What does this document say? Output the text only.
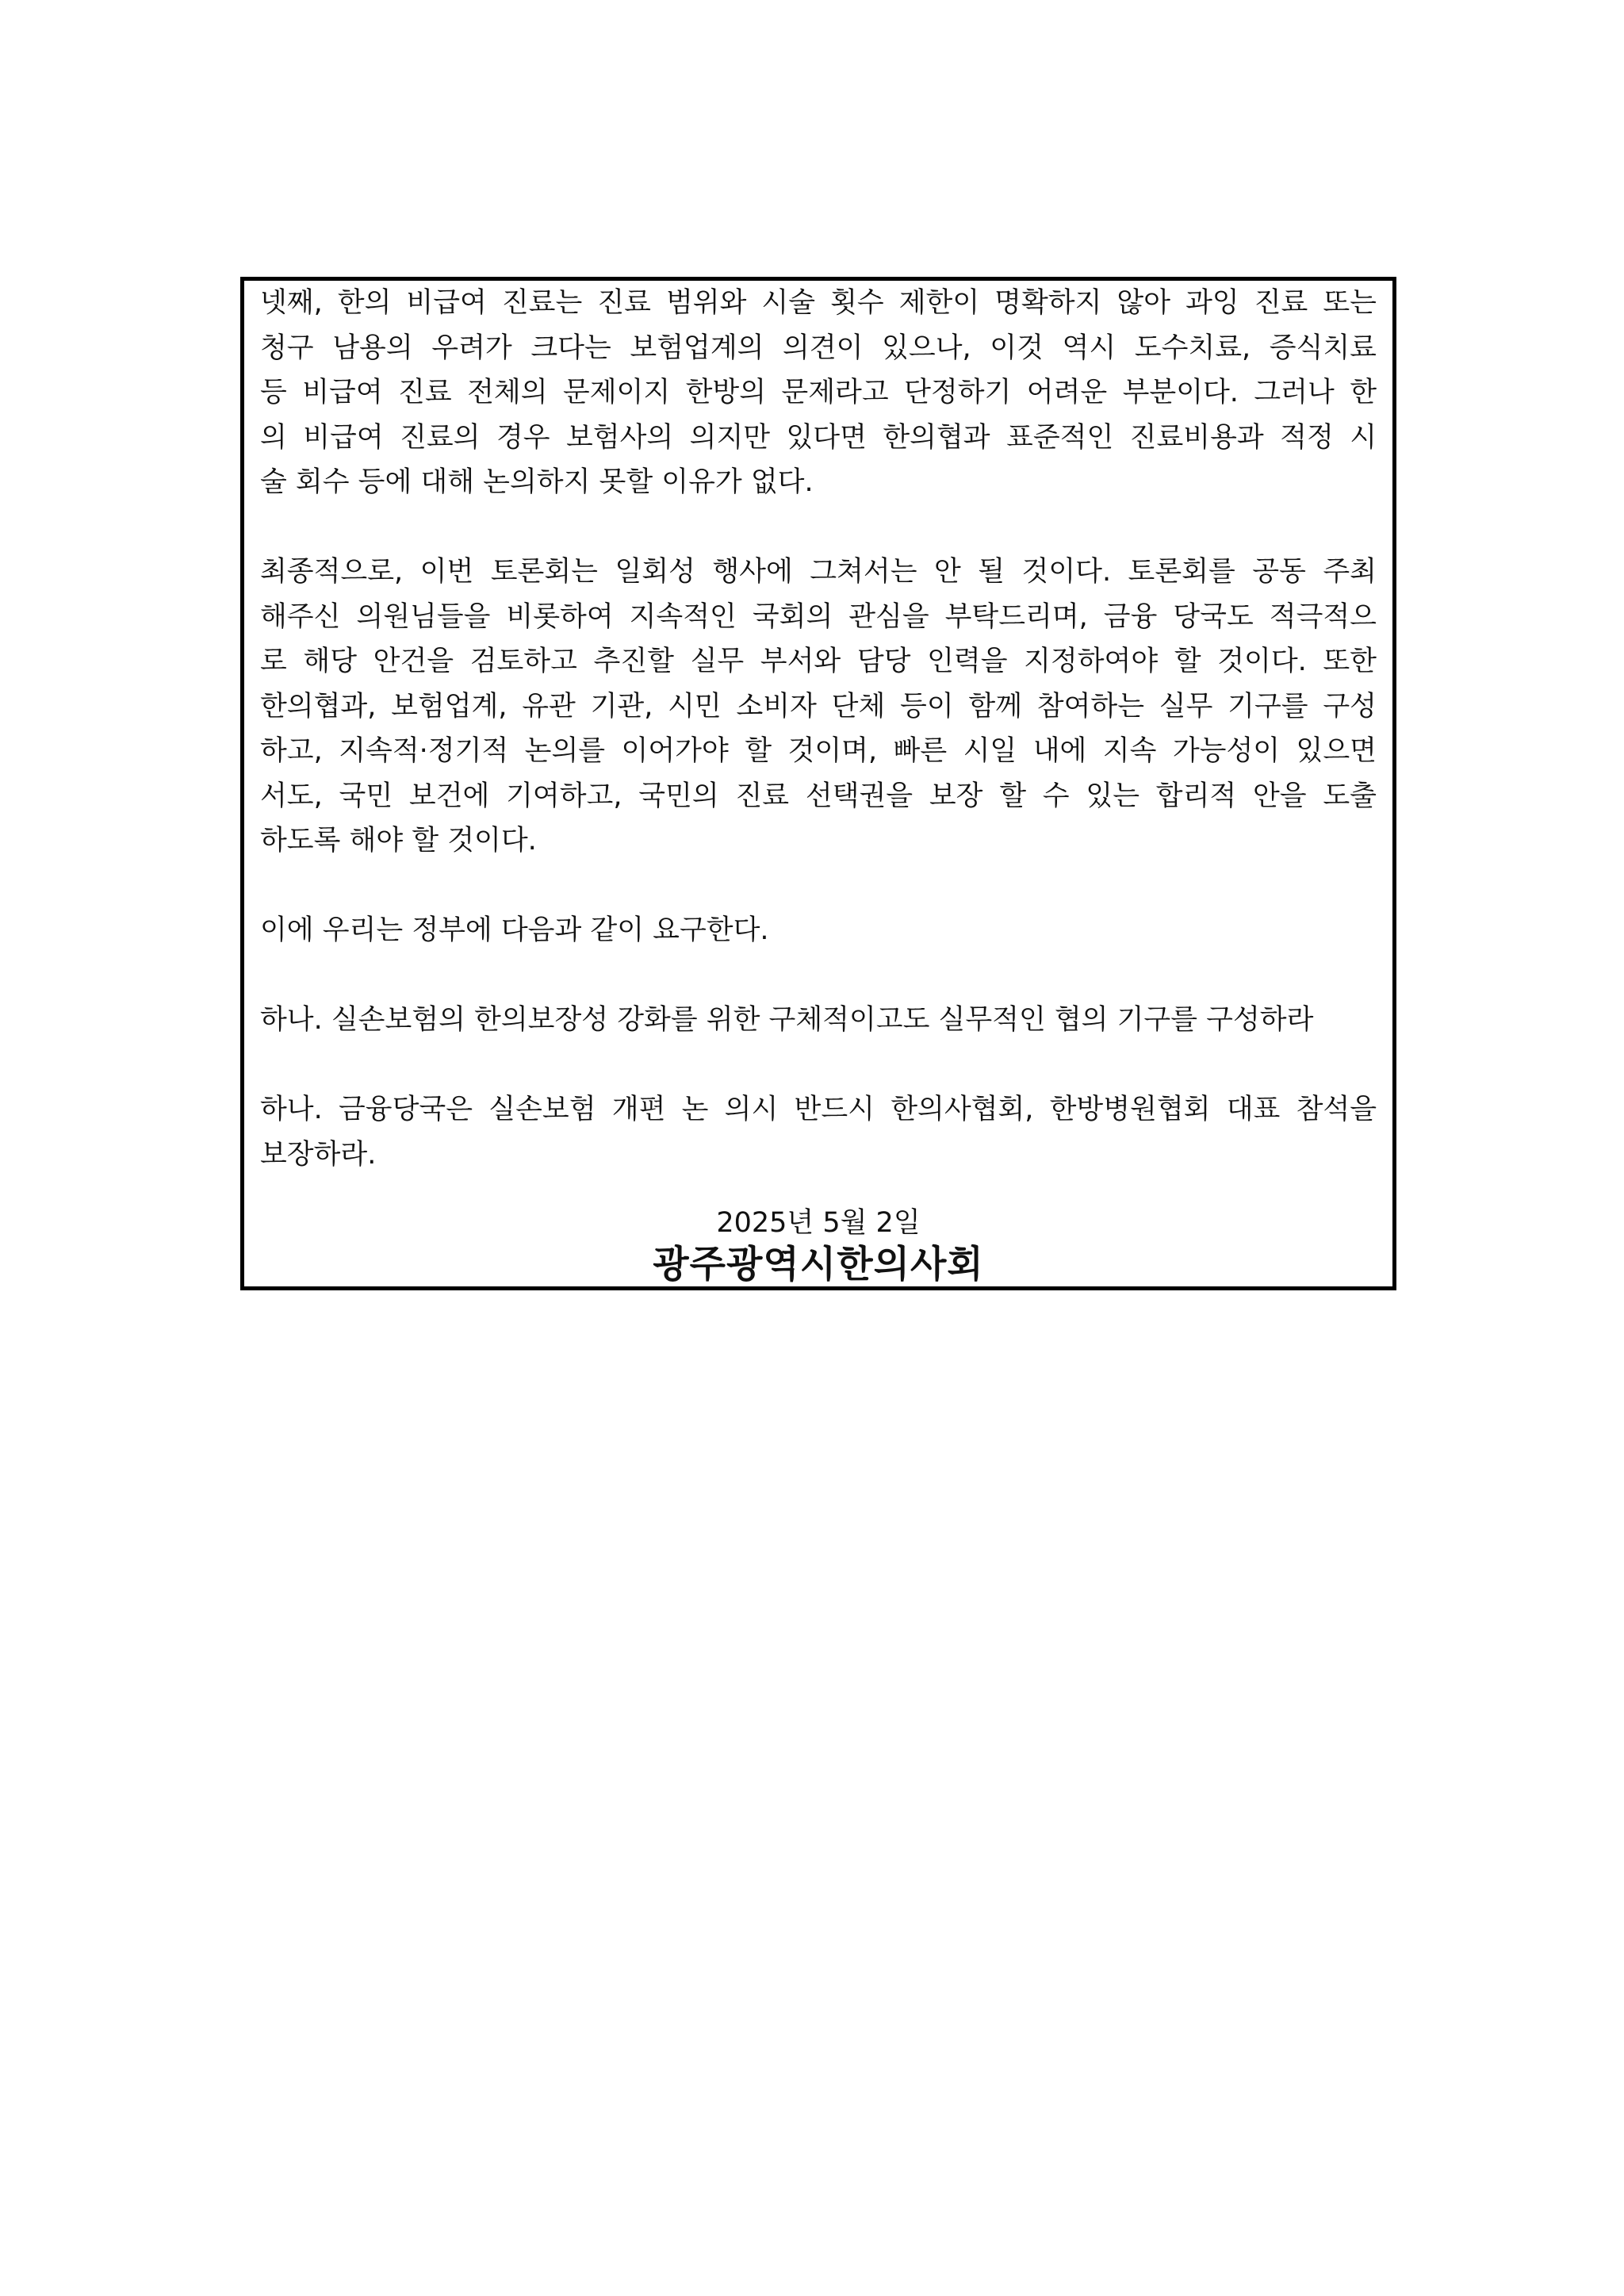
넷째, 한의 비급여 진료는 진료 범위와 시술 횟수 제한이 명확하지 않아 과잉 진료 또는
청구 남용의 우려가 크다는 보험업계의 의견이 있으나, 이것 역시 도수치료, 증식치료
등 비급여 진료 전체의 문제이지 한방의 문제라고 단정하기 어려운 부분이다. 그러나 한
의 비급여 진료의 경우 보험사의 의지만 있다면 한의협과 표준적인 진료비용과 적정 시
술 회수 등에 대해 논의하지 못할 이유가 없다.
최종적으로, 이번 토론회는 일회성 행사에 그쳐서는 안 될 것이다. 토론회를 공동 주최
해주신 의원님들을 비롯하여 지속적인 국회의 관심을 부탁드리며, 금융 당국도 적극적으
로 해당 안건을 검토하고 추진할 실무 부서와 담당 인력을 지정하여야 할 것이다. 또한
한의협과, 보험업계, 유관 기관, 시민 소비자 단체 등이 함께 참여하는 실무 기구를 구성
하고, 지속적·정기적 논의를 이어가야 할 것이며, 빠른 시일 내에 지속 가능성이 있으면
서도, 국민 보건에 기여하고, 국민의 진료 선택권을 보장 할 수 있는 합리적 안을 도출
하도록 해야 할 것이다.
이에 우리는 정부에 다음과 같이 요구한다.
하나. 실손보험의 한의보장성 강화를 위한 구체적이고도 실무적인 협의 기구를 구성하라
하나. 금융당국은 실손보험 개편 논 의시 반드시 한의사협회, 한방병원협회 대표 참석을
보장하라.
2025년 5월 2일
광주광역시한의사회
